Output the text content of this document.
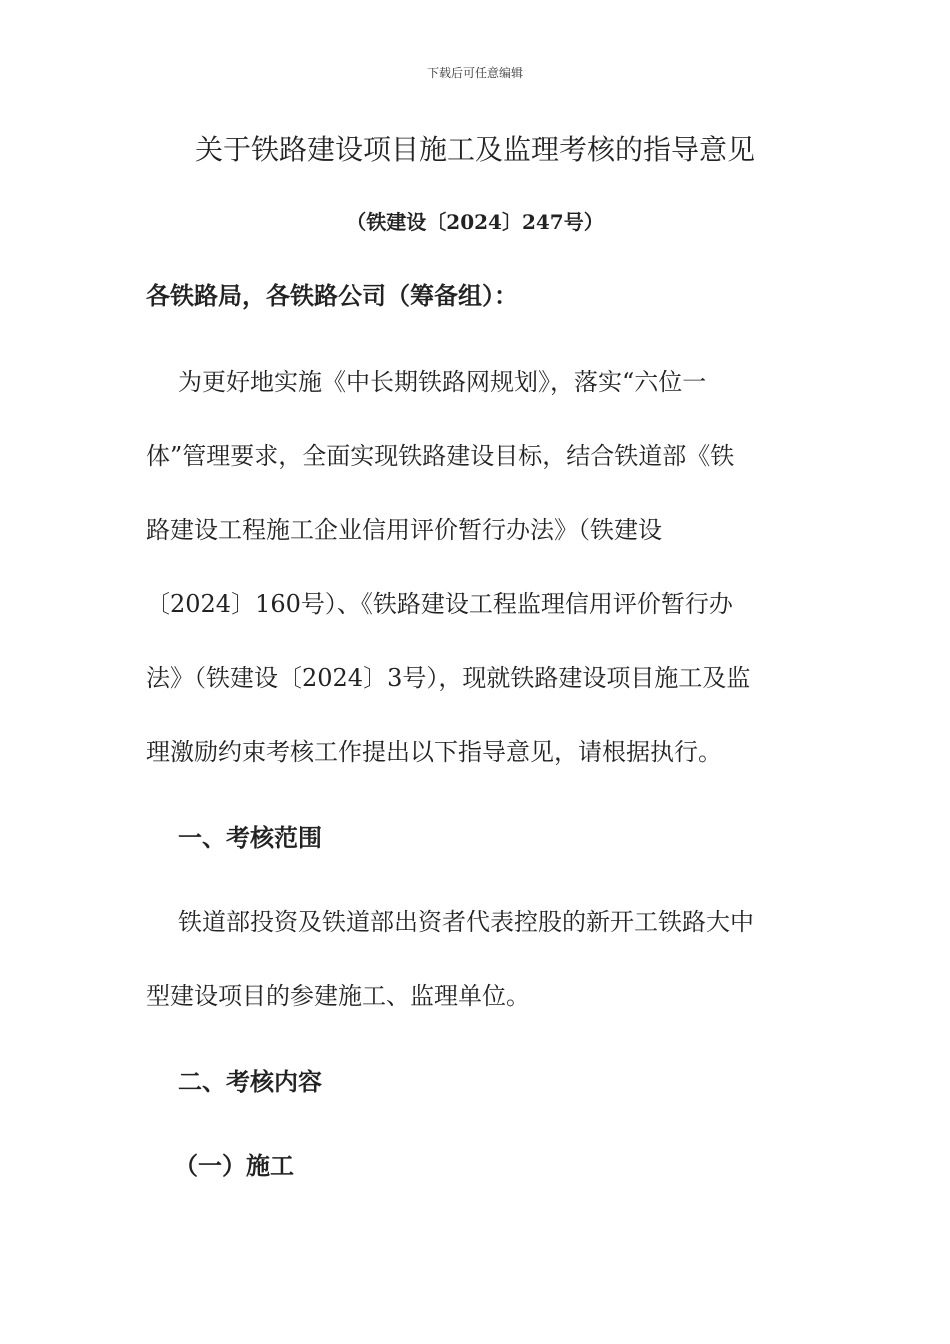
下载后可任意编辑
关于铁路建设项目施工及监理考核的指导意见
（铁建设〔2024〕247号）
各铁路局，各铁路公司（筹备组）：
为更好地实施《中长期铁路网规划》，落实“六位一
体”管理要求，全面实现铁路建设目标，结合铁道部《铁
路建设工程施工企业信用评价暂行办法》（铁建设
〔2024〕160号）、《铁路建设工程监理信用评价暂行办
法》（铁建设〔2024〕3号），现就铁路建设项目施工及监
理激励约束考核工作提出以下指导意见，请根据执行。
一、考核范围
铁道部投资及铁道部出资者代表控股的新开工铁路大中
型建设项目的参建施工、监理单位。
二、考核内容
（一）施工
